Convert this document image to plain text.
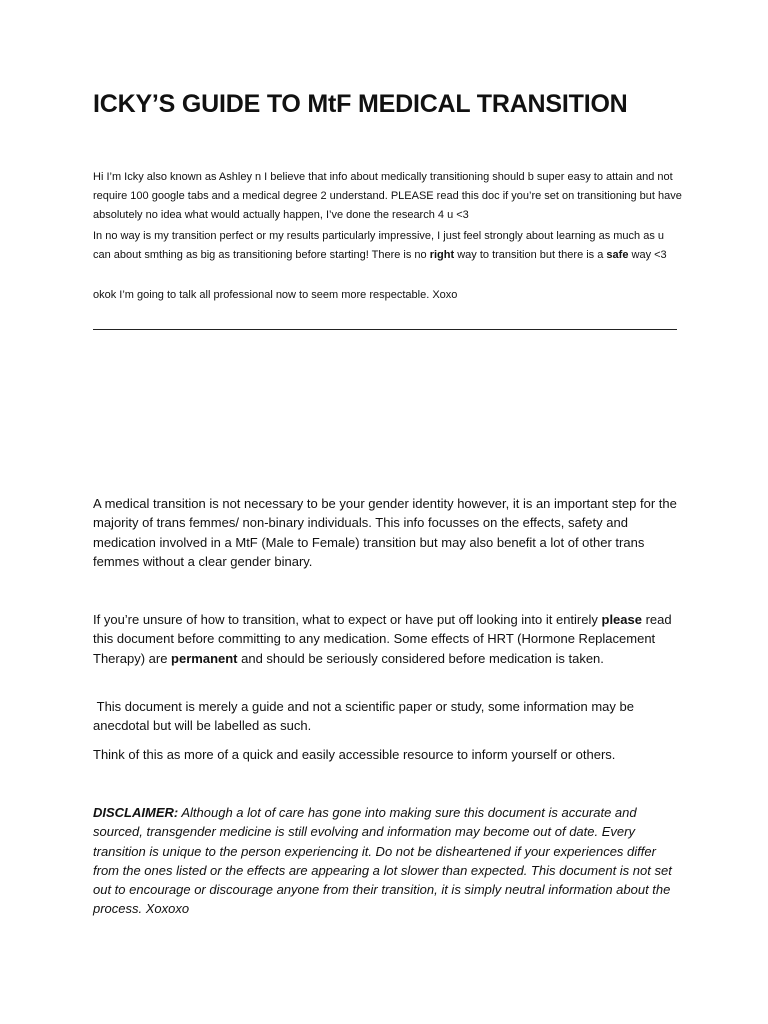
ICKY’S GUIDE TO MtF MEDICAL TRANSITION

Hi I’m Icky also known as Ashley n I believe that info about medically transitioning should b super easy to attain and not require 100 google tabs and a medical degree 2 understand. PLEASE read this doc if you’re set on transitioning but have absolutely no idea what would actually happen, I’ve done the research 4 u <3

In no way is my transition perfect or my results particularly impressive, I just feel strongly about learning as much as u can about smthing as big as transitioning before starting! There is no right way to transition but there is a safe way <3

okok I’m going to talk all professional now to seem more respectable. Xoxo

A medical transition is not necessary to be your gender identity however, it is an important step for the majority of trans femmes/ non-binary individuals. This info focusses on the effects, safety and medication involved in a MtF (Male to Female) transition but may also benefit a lot of other trans femmes without a clear gender binary.

If you’re unsure of how to transition, what to expect or have put off looking into it entirely please read this document before committing to any medication. Some effects of HRT (Hormone Replacement Therapy) are permanent and should be seriously considered before medication is taken.

This document is merely a guide and not a scientific paper or study, some information may be anecdotal but will be labelled as such.

Think of this as more of a quick and easily accessible resource to inform yourself or others.

DISCLAIMER: Although a lot of care has gone into making sure this document is accurate and sourced, transgender medicine is still evolving and information may become out of date. Every transition is unique to the person experiencing it. Do not be disheartened if your experiences differ from the ones listed or the effects are appearing a lot slower than expected. This document is not set out to encourage or discourage anyone from their transition, it is simply neutral information about the process. Xoxoxo
